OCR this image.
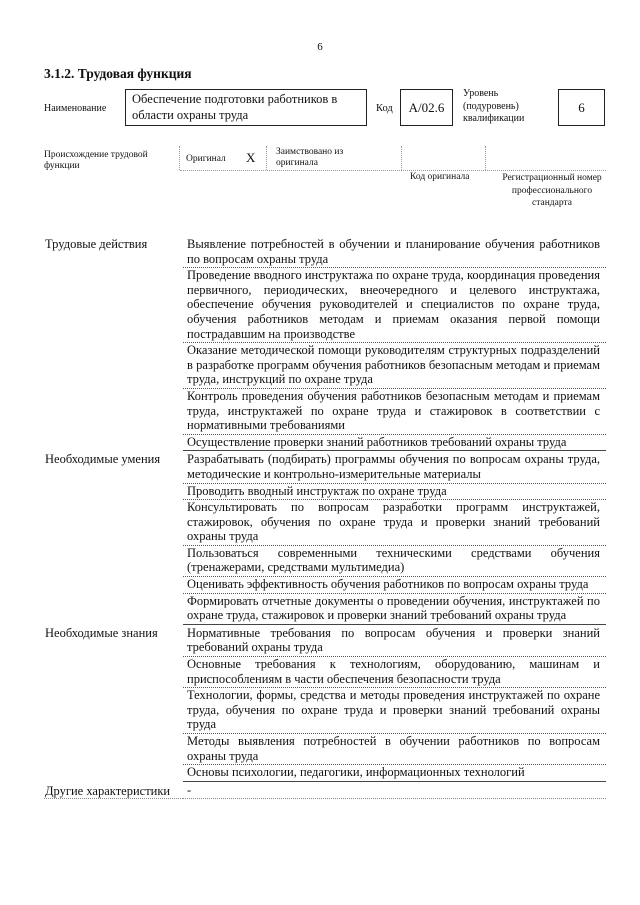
6
3.1.2. Трудовая функция
Наименование
Обеспечение подготовки работников в области охраны труда	Код	А/02.6
Уровень
(подуровень)
квалификации
6
Происхождение трудовой функции
Оригинал X Заимствовано из оригинала
Код оригинала	Регистрационный номер профессионального стандарта
Трудовые действия	Выявление потребностей в обучении и планирование обучения работников по вопросам охраны труда
Проведение вводного инструктажа по охране труда, координация проведения первичного, периодических, внеочередного и целевого инструктажа, обеспечение обучения руководителей и специалистов по охране труда, обучения работников методам и приемам оказания первой помощи пострадавшим на производстве
Оказание методической помощи руководителям структурных подразделений в разработке программ обучения работников безопасным методам и приемам труда, инструкций по охране труда
Контроль проведения обучения работников безопасным методам и приемам труда, инструктажей по охране труда и стажировок в соответствии с нормативными требованиями
Осуществление проверки знаний работников требований охраны труда
Необходимые умения	Разрабатывать (подбирать) программы обучения по вопросам охраны труда, методические и контрольно-измерительные материалы
Проводить вводный инструктаж по охране труда
Консультировать по вопросам разработки программ инструктажей, стажировок, обучения по охране труда и проверки знаний требований охраны труда
Пользоваться современными техническими средствами обучения (тренажерами, средствами мультимедиа)
Оценивать эффективность обучения работников по вопросам охраны труда
Формировать отчетные документы о проведении обучения, инструктажей по охране труда, стажировок и проверки знаний требований охраны труда
Необходимые знания	Нормативные требования по вопросам обучения и проверки знаний требований охраны труда
Основные требования к технологиям, оборудованию, машинам и приспособлениям в части обеспечения безопасности труда
Технологии, формы, средства и методы проведения инструктажей по охране труда, обучения по охране труда и проверки знаний требований охраны труда
Методы выявления потребностей в обучении работников по вопросам охраны труда
Основы психологии, педагогики, информационных технологий
Другие характеристики	-
